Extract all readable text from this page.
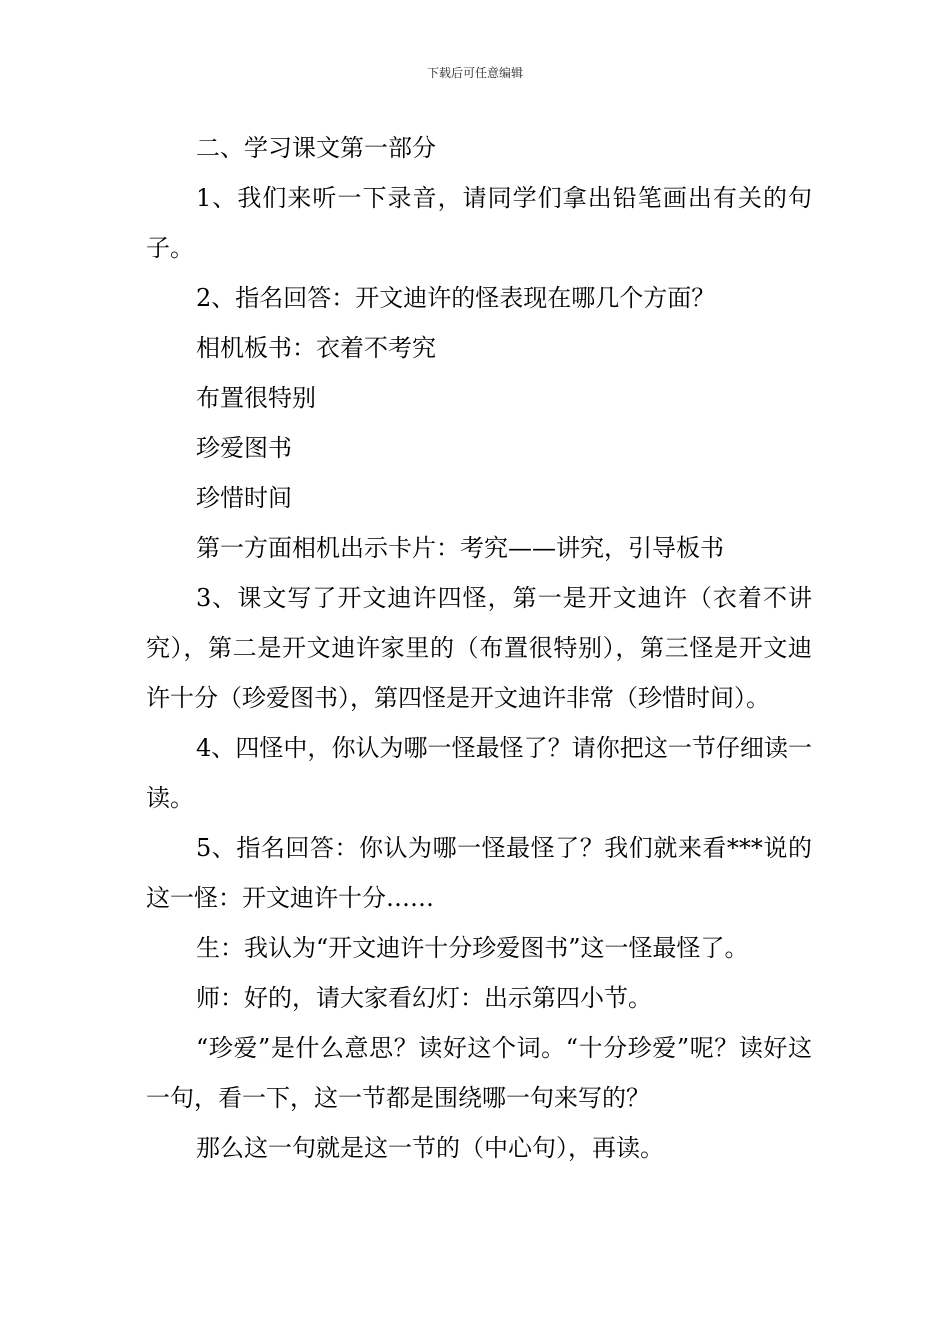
下载后可任意编辑

二、学习课文第一部分

1、我们来听一下录音，请同学们拿出铅笔画出有关的句子。

2、指名回答：开文迪许的怪表现在哪几个方面？

相机板书：衣着不考究

布置很特别

珍爱图书

珍惜时间

第一方面相机出示卡片：考究——讲究，引导板书

3、课文写了开文迪许四怪，第一是开文迪许（衣着不讲究），第二是开文迪许家里的（布置很特别），第三怪是开文迪许十分（珍爱图书），第四怪是开文迪许非常（珍惜时间）。

4、四怪中，你认为哪一怪最怪了？请你把这一节仔细读一读。

5、指名回答：你认为哪一怪最怪了？我们就来看***说的这一怪：开文迪许十分……

生：我认为“开文迪许十分珍爱图书”这一怪最怪了。

师：好的，请大家看幻灯：出示第四小节。

“珍爱”是什么意思？读好这个词。“十分珍爱”呢？读好这一句，看一下，这一节都是围绕哪一句来写的？

那么这一句就是这一节的（中心句），再读。
